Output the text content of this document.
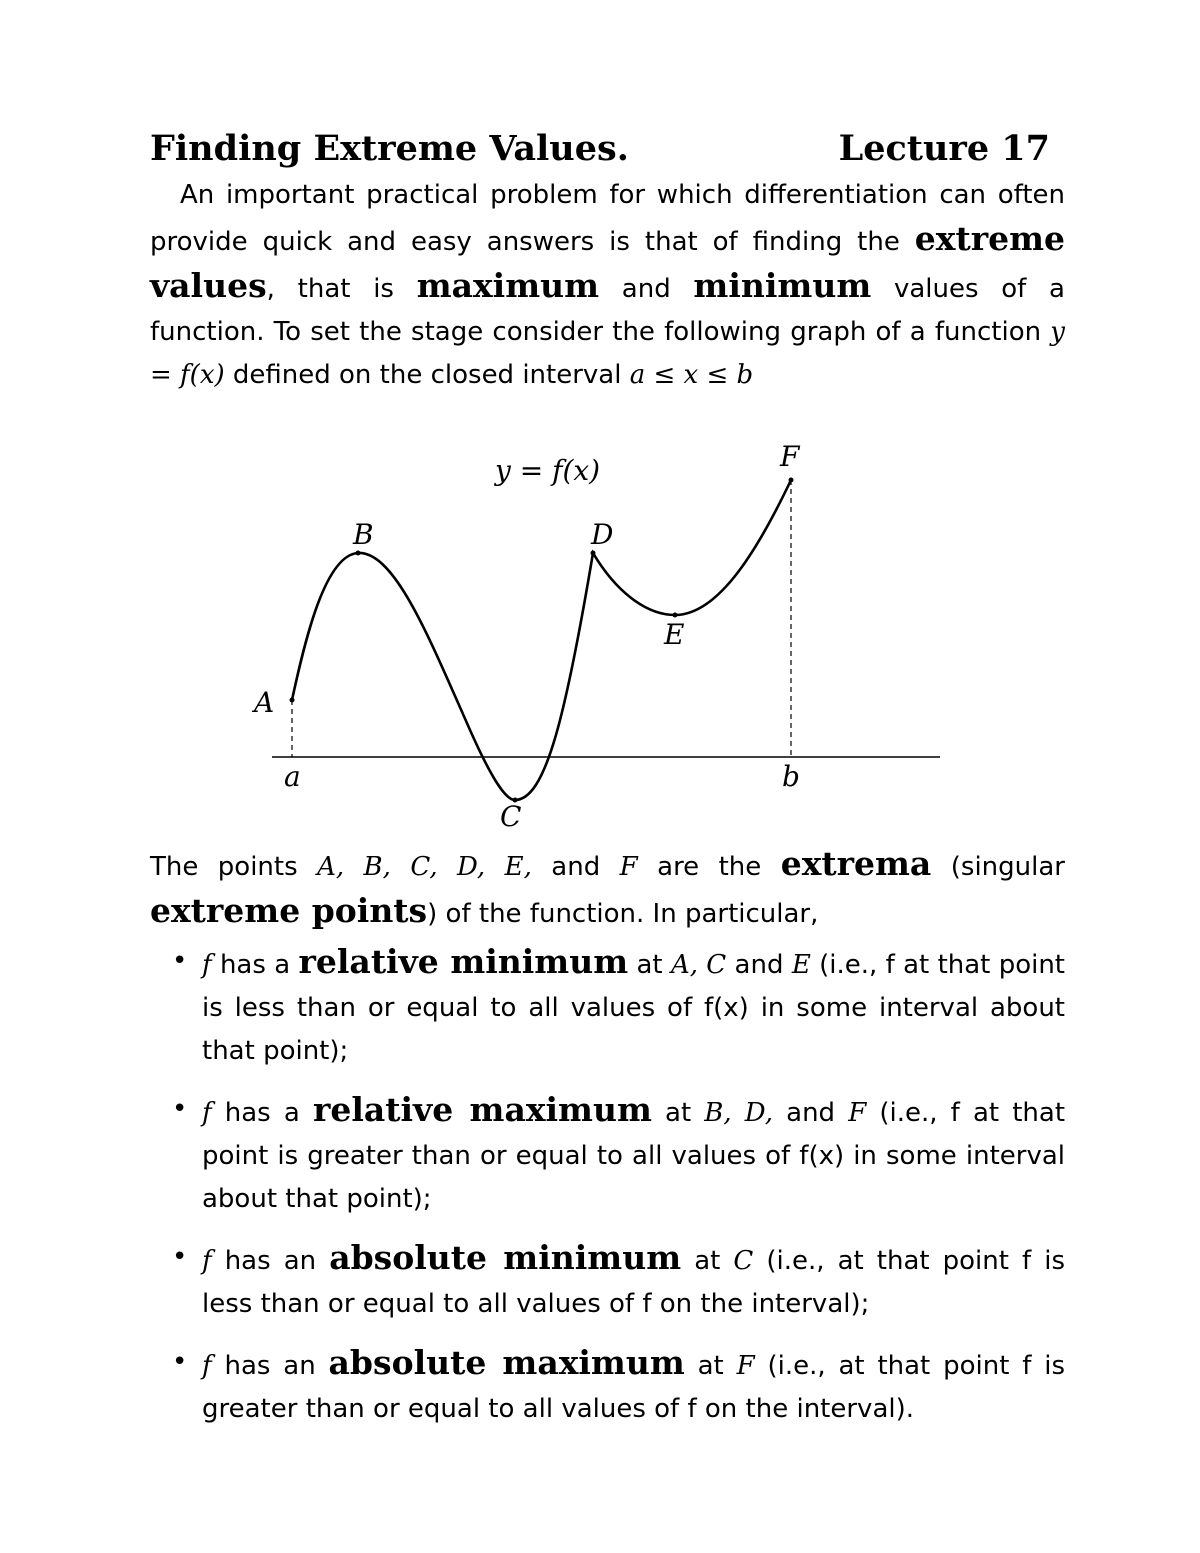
Finding Extreme Values.	Lecture 17
An important practical problem for which differentiation can often provide quick and easy answers is that of finding the extreme values, that is maximum and minimum values of a function. To set the stage consider the following graph of a function y = f(x) defined on the closed interval a ≤ x ≤ b
y = f(x)
A
B
C
D
E
F
a	b
The points A, B, C, D, E, and F are the extrema (singular extreme points) of the function. In particular,
• f has a relative minimum at A, C and E (i.e., f at that point is less than or equal to all values of f(x) in some interval about that point);
• f has a relative maximum at B, D, and F (i.e., f at that point is greater than or equal to all values of f(x) in some interval about that point);
• f has an absolute minimum at C (i.e., at that point f is less than or equal to all values of f on the interval);
• f has an absolute maximum at F (i.e., at that point f is greater than or equal to all values of f on the interval).
